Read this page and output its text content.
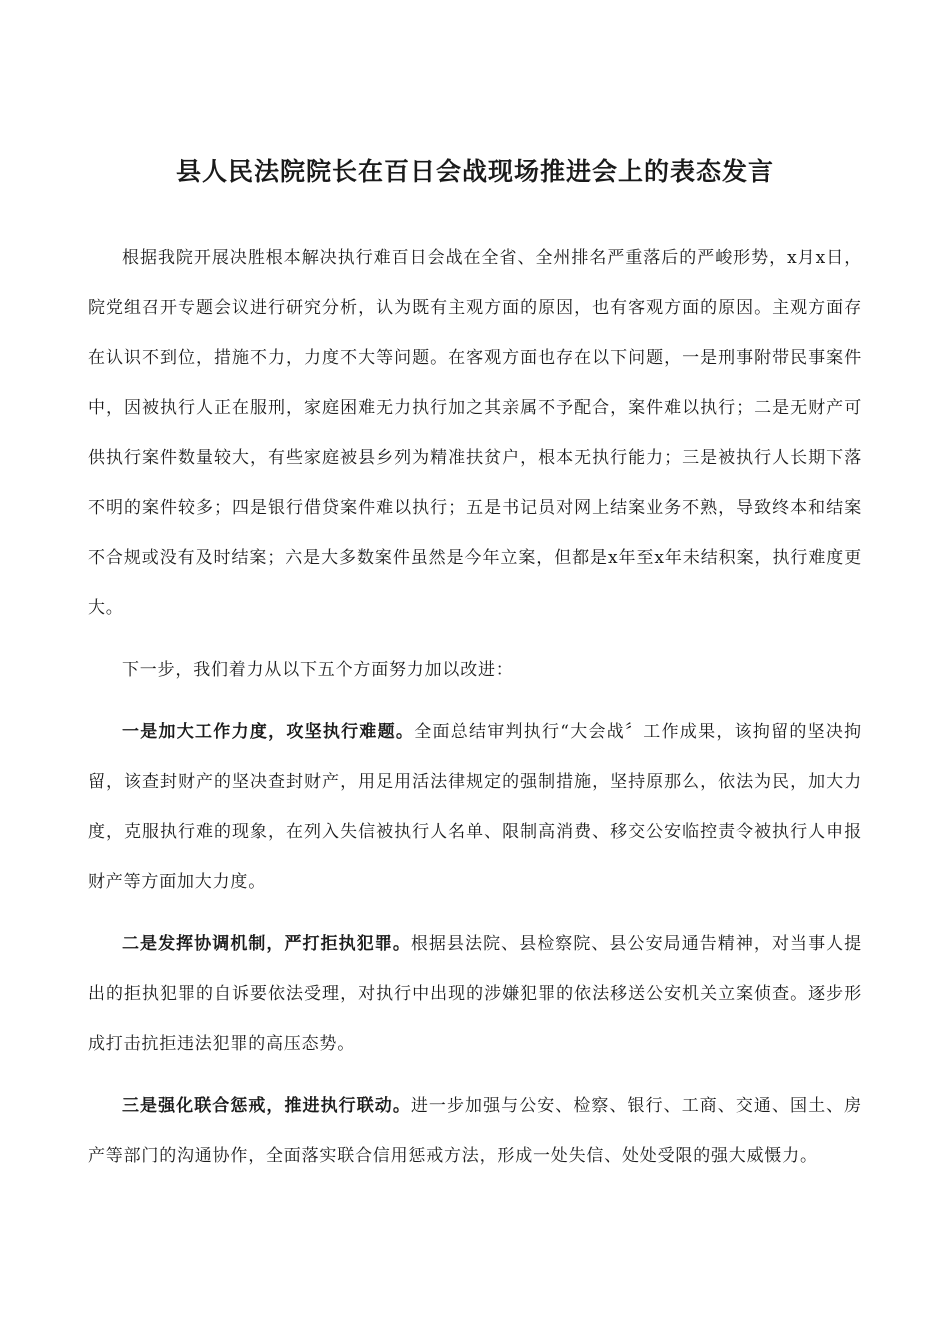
县人民法院院长在百日会战现场推进会上的表态发言

根据我院开展决胜根本解决执行难百日会战在全省、全州排名严重落后的严峻形势，x月x日，院党组召开专题会议进行研究分析，认为既有主观方面的原因，也有客观方面的原因。主观方面存在认识不到位，措施不力，力度不大等问题。在客观方面也存在以下问题，一是刑事附带民事案件中，因被执行人正在服刑，家庭困难无力执行加之其亲属不予配合，案件难以执行；二是无财产可供执行案件数量较大，有些家庭被县乡列为精准扶贫户，根本无执行能力；三是被执行人长期下落不明的案件较多；四是银行借贷案件难以执行；五是书记员对网上结案业务不熟，导致终本和结案不合规或没有及时结案；六是大多数案件虽然是今年立案，但都是x年至x年未结积案，执行难度更大。

下一步，我们着力从以下五个方面努力加以改进：

一是加大工作力度，攻坚执行难题。全面总结审判执行“大会战〞工作成果，该拘留的坚决拘留，该查封财产的坚决查封财产，用足用活法律规定的强制措施，坚持原那么，依法为民，加大力度，克服执行难的现象，在列入失信被执行人名单、限制高消费、移交公安临控责令被执行人申报财产等方面加大力度。

二是发挥协调机制，严打拒执犯罪。根据县法院、县检察院、县公安局通告精神，对当事人提出的拒执犯罪的自诉要依法受理，对执行中出现的涉嫌犯罪的依法移送公安机关立案侦查。逐步形成打击抗拒违法犯罪的高压态势。

三是强化联合惩戒，推进执行联动。进一步加强与公安、检察、银行、工商、交通、国土、房产等部门的沟通协作，全面落实联合信用惩戒方法，形成一处失信、处处受限的强大威慑力。
